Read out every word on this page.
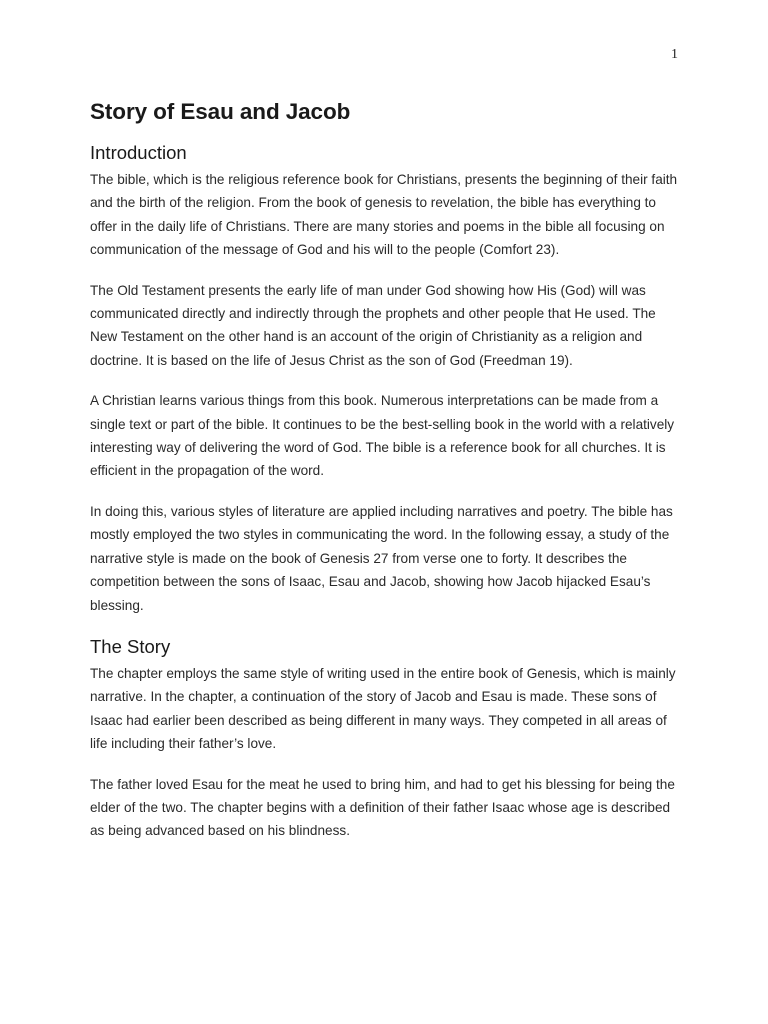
1
Story of Esau and Jacob
Introduction

The bible, which is the religious reference book for Christians, presents the beginning of their faith and the birth of the religion. From the book of genesis to revelation, the bible has everything to offer in the daily life of Christians. There are many stories and poems in the bible all focusing on communication of the message of God and his will to the people (Comfort 23).

The Old Testament presents the early life of man under God showing how His (God) will was communicated directly and indirectly through the prophets and other people that He used. The New Testament on the other hand is an account of the origin of Christianity as a religion and doctrine. It is based on the life of Jesus Christ as the son of God (Freedman 19).

A Christian learns various things from this book. Numerous interpretations can be made from a single text or part of the bible. It continues to be the best-selling book in the world with a relatively interesting way of delivering the word of God. The bible is a reference book for all churches. It is efficient in the propagation of the word.

In doing this, various styles of literature are applied including narratives and poetry. The bible has mostly employed the two styles in communicating the word. In the following essay, a study of the narrative style is made on the book of Genesis 27 from verse one to forty. It describes the competition between the sons of Isaac, Esau and Jacob, showing how Jacob hijacked Esau’s blessing.

The Story

The chapter employs the same style of writing used in the entire book of Genesis, which is mainly narrative. In the chapter, a continuation of the story of Jacob and Esau is made. These sons of Isaac had earlier been described as being different in many ways. They competed in all areas of life including their father’s love.

The father loved Esau for the meat he used to bring him, and had to get his blessing for being the elder of the two. The chapter begins with a definition of their father Isaac whose age is described as being advanced based on his blindness.
